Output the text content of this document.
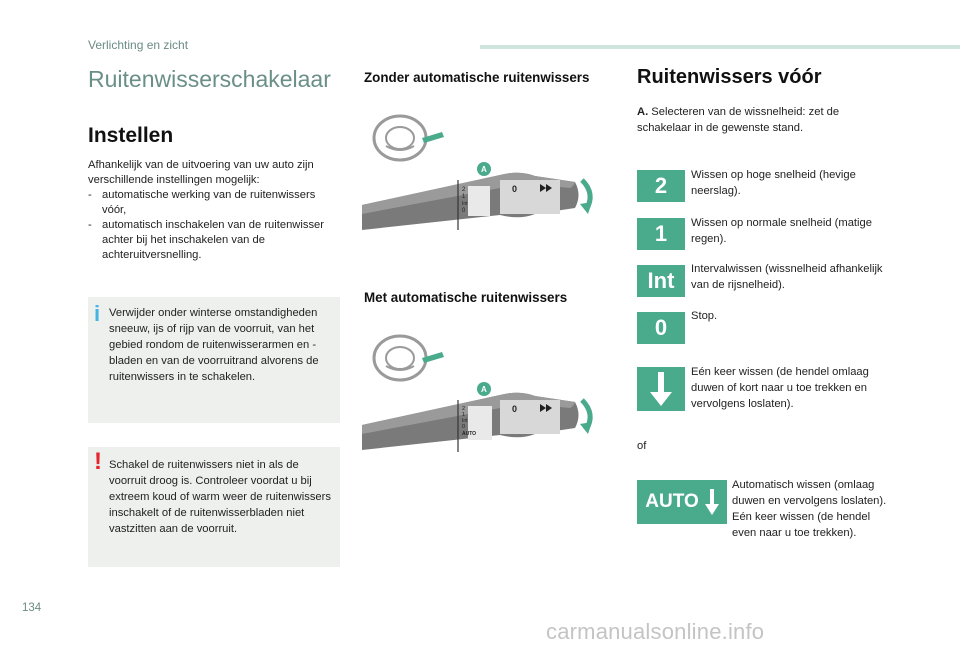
Verlichting en zicht
Ruitenwisserschakelaar
Instellen
Afhankelijk van de uitvoering van uw auto zijn verschillende instellingen mogelijk:
- automatische werking van de ruitenwissers vóór,
- automatisch inschakelen van de ruitenwisser achter bij het inschakelen van de achteruitversnelling.
i Verwijder onder winterse omstandigheden sneeuw, ijs of rijp van de voorruit, van het gebied rondom de ruitenwisserarmen en -bladen en van de voorruitrand alvorens de ruitenwissers in te schakelen.
! Schakel de ruitenwissers niet in als de voorruit droog is. Controleer voordat u bij extreem koud of warm weer de ruitenwissers inschakelt of de ruitenwisserbladen niet vastzitten aan de voorruit.
Zonder automatische ruitenwissers
2
1
Int
0
0
A
Met automatische ruitenwissers
2
1
Int
0
AUTO
0
A
Ruitenwissers vóór
A. Selecteren van de wissnelheid: zet de schakelaar in de gewenste stand.
2	Wissen op hoge snelheid (hevige neerslag).
1	Wissen op normale snelheid (matige regen).
Int	Intervalwissen (wissnelheid afhankelijk van de rijsnelheid).
0	Stop.
Eén keer wissen (de hendel omlaag duwen of kort naar u toe trekken en vervolgens loslaten).
of
AUTO
Automatisch wissen (omlaag duwen en vervolgens loslaten).
Eén keer wissen (de hendel even naar u toe trekken).
134
carmanualsonline.info
